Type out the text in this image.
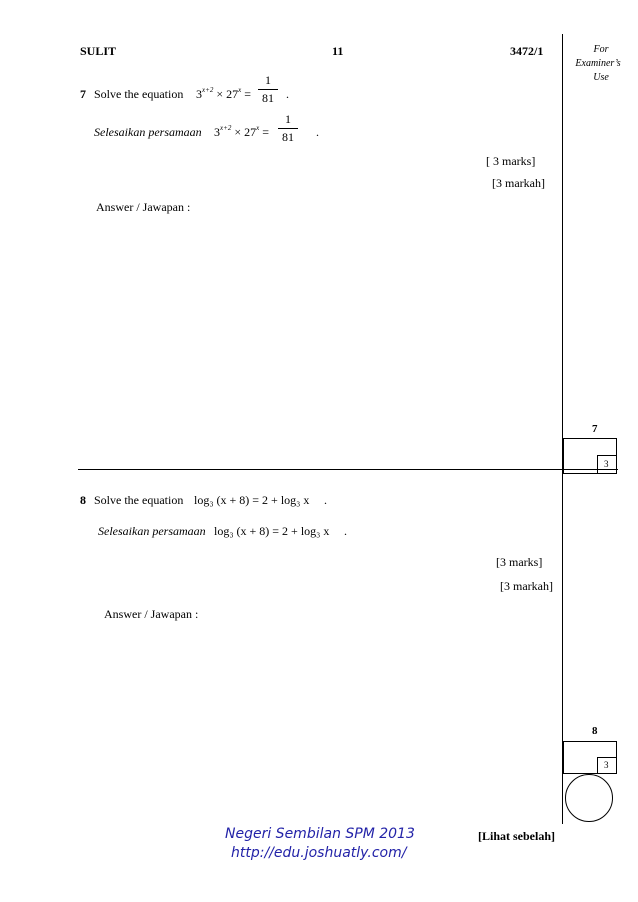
SULIT	11	3472/1	For
Examiner’s
Use
7 Solve the equation $3^{x+2} \times 27^x$ =
1
81	.
Selesaikan persamaan $3^{x+2} \times 27^x$ =
1
81	.
[ 3 marks]
[3 markah]
Answer / Jawapan :
7
3
8 Solve the equation log₃ (x + 8) = 2 + log₃ x .
Selesaikan persamaan log₃ (x + 8) = 2 + log₃ x .
[3 marks]
[3 markah]
Answer / Jawapan :
8
3
Negeri Sembilan SPM 2013
http://edu.joshuatly.com/
[Lihat sebelah]
